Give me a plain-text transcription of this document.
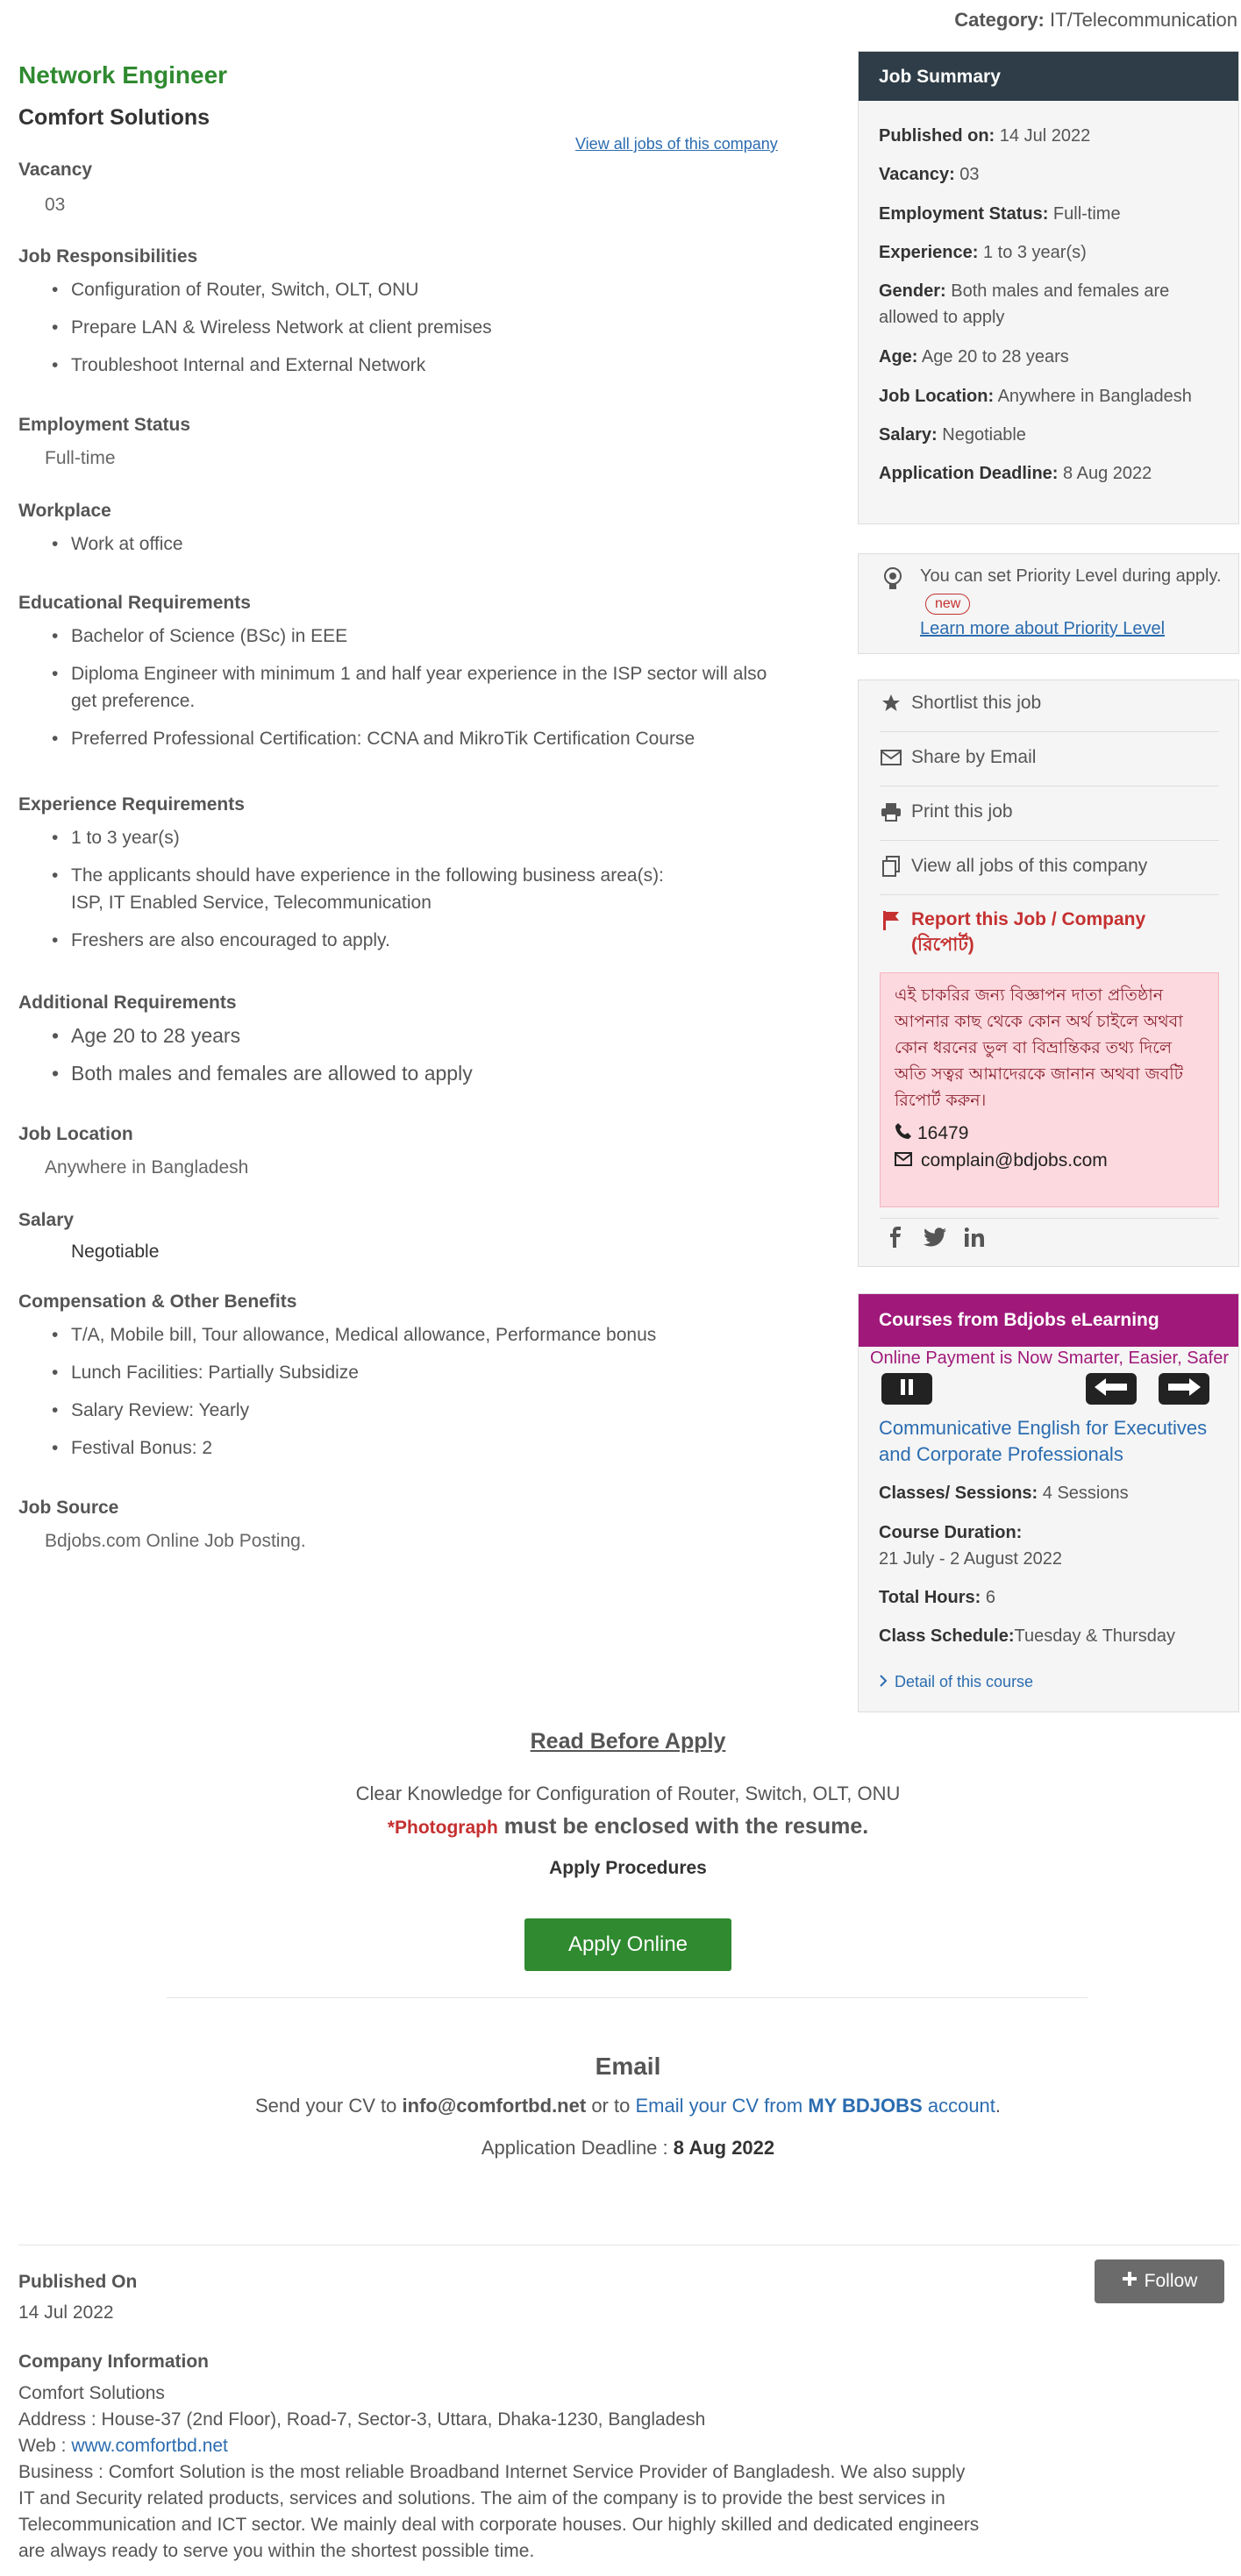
Category: IT/Telecommunication
Network Engineer
Comfort Solutions
View all jobs of this company
Vacancy
03
Job Responsibilities
• Configuration of Router, Switch, OLT, ONU
• Prepare LAN & Wireless Network at client premises
• Troubleshoot Internal and External Network
Employment Status
Full-time
Workplace
• Work at office
Educational Requirements
• Bachelor of Science (BSc) in EEE
• Diploma Engineer with minimum 1 and half year experience in the ISP sector will also get preference.
• Preferred Professional Certification: CCNA and MikroTik Certification Course
Experience Requirements
• 1 to 3 year(s)
• The applicants should have experience in the following business area(s):
ISP, IT Enabled Service, Telecommunication
• Freshers are also encouraged to apply.
Additional Requirements
• Age 20 to 28 years
• Both males and females are allowed to apply
Job Location
Anywhere in Bangladesh
Salary
Negotiable
Compensation & Other Benefits
• T/A, Mobile bill, Tour allowance, Medical allowance, Performance bonus
• Lunch Facilities: Partially Subsidize
• Salary Review: Yearly
• Festival Bonus: 2
Job Source
Bdjobs.com Online Job Posting.
Job Summary
Published on: 14 Jul 2022
Vacancy: 03
Employment Status: Full-time
Experience: 1 to 3 year(s)
Gender: Both males and females are allowed to apply
Age: Age 20 to 28 years
Job Location: Anywhere in Bangladesh
Salary: Negotiable
Application Deadline: 8 Aug 2022
You can set Priority Level during apply. new
Learn more about Priority Level
Shortlist this job
Share by Email
Print this job
View all jobs of this company
Report this Job / Company
(রিপোর্ট)
এই চাকরির জন্য বিজ্ঞাপন দাতা প্রতিষ্ঠান আপনার কাছ থেকে কোন অর্থ চাইলে অথবা কোন ধরনের ভুল বা বিভ্রান্তিকর তথ্য দিলে অতি সত্বর আমাদেরকে জানান অথবা জবটি রিপোর্ট করুন।
16479
complain@bdjobs.com
Courses from Bdjobs eLearning
Online Payment is Now Smarter, Easier, Safer
Communicative English for Executives and Corporate Professionals
Classes/ Sessions: 4 Sessions
Course Duration:
21 July - 2 August 2022
Total Hours: 6
Class Schedule:Tuesday & Thursday
Detail of this course
Read Before Apply
Clear Knowledge for Configuration of Router, Switch, OLT, ONU
*Photograph must be enclosed with the resume.
Apply Procedures
Apply Online
Email
Send your CV to info@comfortbd.net or to Email your CV from MY BDJOBS account.
Application Deadline : 8 Aug 2022
Published On
14 Jul 2022
Follow
Company Information
Comfort Solutions
Address : House-37 (2nd Floor), Road-7, Sector-3, Uttara, Dhaka-1230, Bangladesh
Web : www.comfortbd.net
Business : Comfort Solution is the most reliable Broadband Internet Service Provider of Bangladesh. We also supply
IT and Security related products, services and solutions. The aim of the company is to provide the best services in
Telecommunication and ICT sector. We mainly deal with corporate houses. Our highly skilled and dedicated engineers
are always ready to serve you within the shortest possible time.
